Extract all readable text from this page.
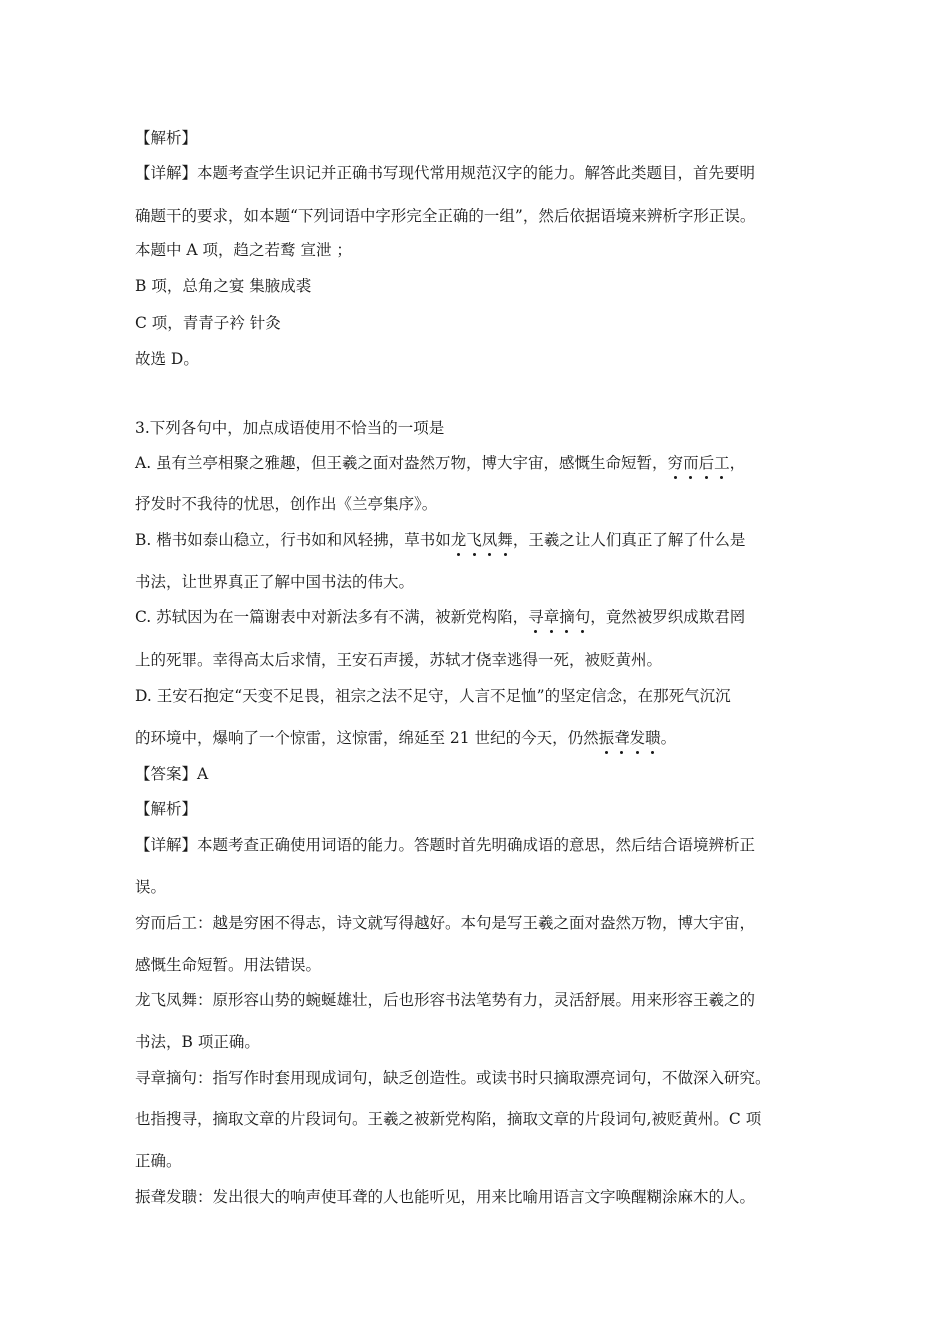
【解析】
【详解】本题考查学生识记并正确书写现代常用规范汉字的能力。解答此类题目，首先要明
确题干的要求，如本题“下列词语中字形完全正确的一组”，然后依据语境来辨析字形正误。
本题中 A 项，趋之若鹜 宣泄 ；
B 项，总角之宴 集腋成裘
C 项，青青子衿 针灸
故选 D。
3.下列各句中，加点成语使用不恰当的一项是
A. 虽有兰亭相聚之雅趣，但王羲之面对盎然万物，博大宇宙，感慨生命短暂，穷而后工，
抒发时不我待的忧思，创作出《兰亭集序》。
B. 楷书如泰山稳立，行书如和风轻拂，草书如龙飞凤舞，王羲之让人们真正了解了什么是
书法，让世界真正了解中国书法的伟大。
C. 苏轼因为在一篇谢表中对新法多有不满，被新党构陷，寻章摘句，竟然被罗织成欺君罔
上的死罪。幸得高太后求情，王安石声援，苏轼才侥幸逃得一死，被贬黄州。
D. 王安石抱定“天变不足畏，祖宗之法不足守，人言不足恤”的坚定信念，在那死气沉沉
的环境中，爆响了一个惊雷，这惊雷，绵延至 21 世纪的今天，仍然振聋发聩。
【答案】A
【解析】
【详解】本题考查正确使用词语的能力。答题时首先明确成语的意思，然后结合语境辨析正
误。
穷而后工：越是穷困不得志，诗文就写得越好。本句是写王羲之面对盎然万物，博大宇宙，
感慨生命短暂。用法错误。
龙飞凤舞：原形容山势的蜿蜒雄壮，后也形容书法笔势有力，灵活舒展。用来形容王羲之的
书法，B 项正确。
寻章摘句：指写作时套用现成词句，缺乏创造性。或读书时只摘取漂亮词句，不做深入研究。
也指搜寻，摘取文章的片段词句。王羲之被新党构陷，摘取文章的片段词句,被贬黄州。C 项
正确。
振聋发聩：发出很大的响声使耳聋的人也能听见，用来比喻用语言文字唤醒糊涂麻木的人。
